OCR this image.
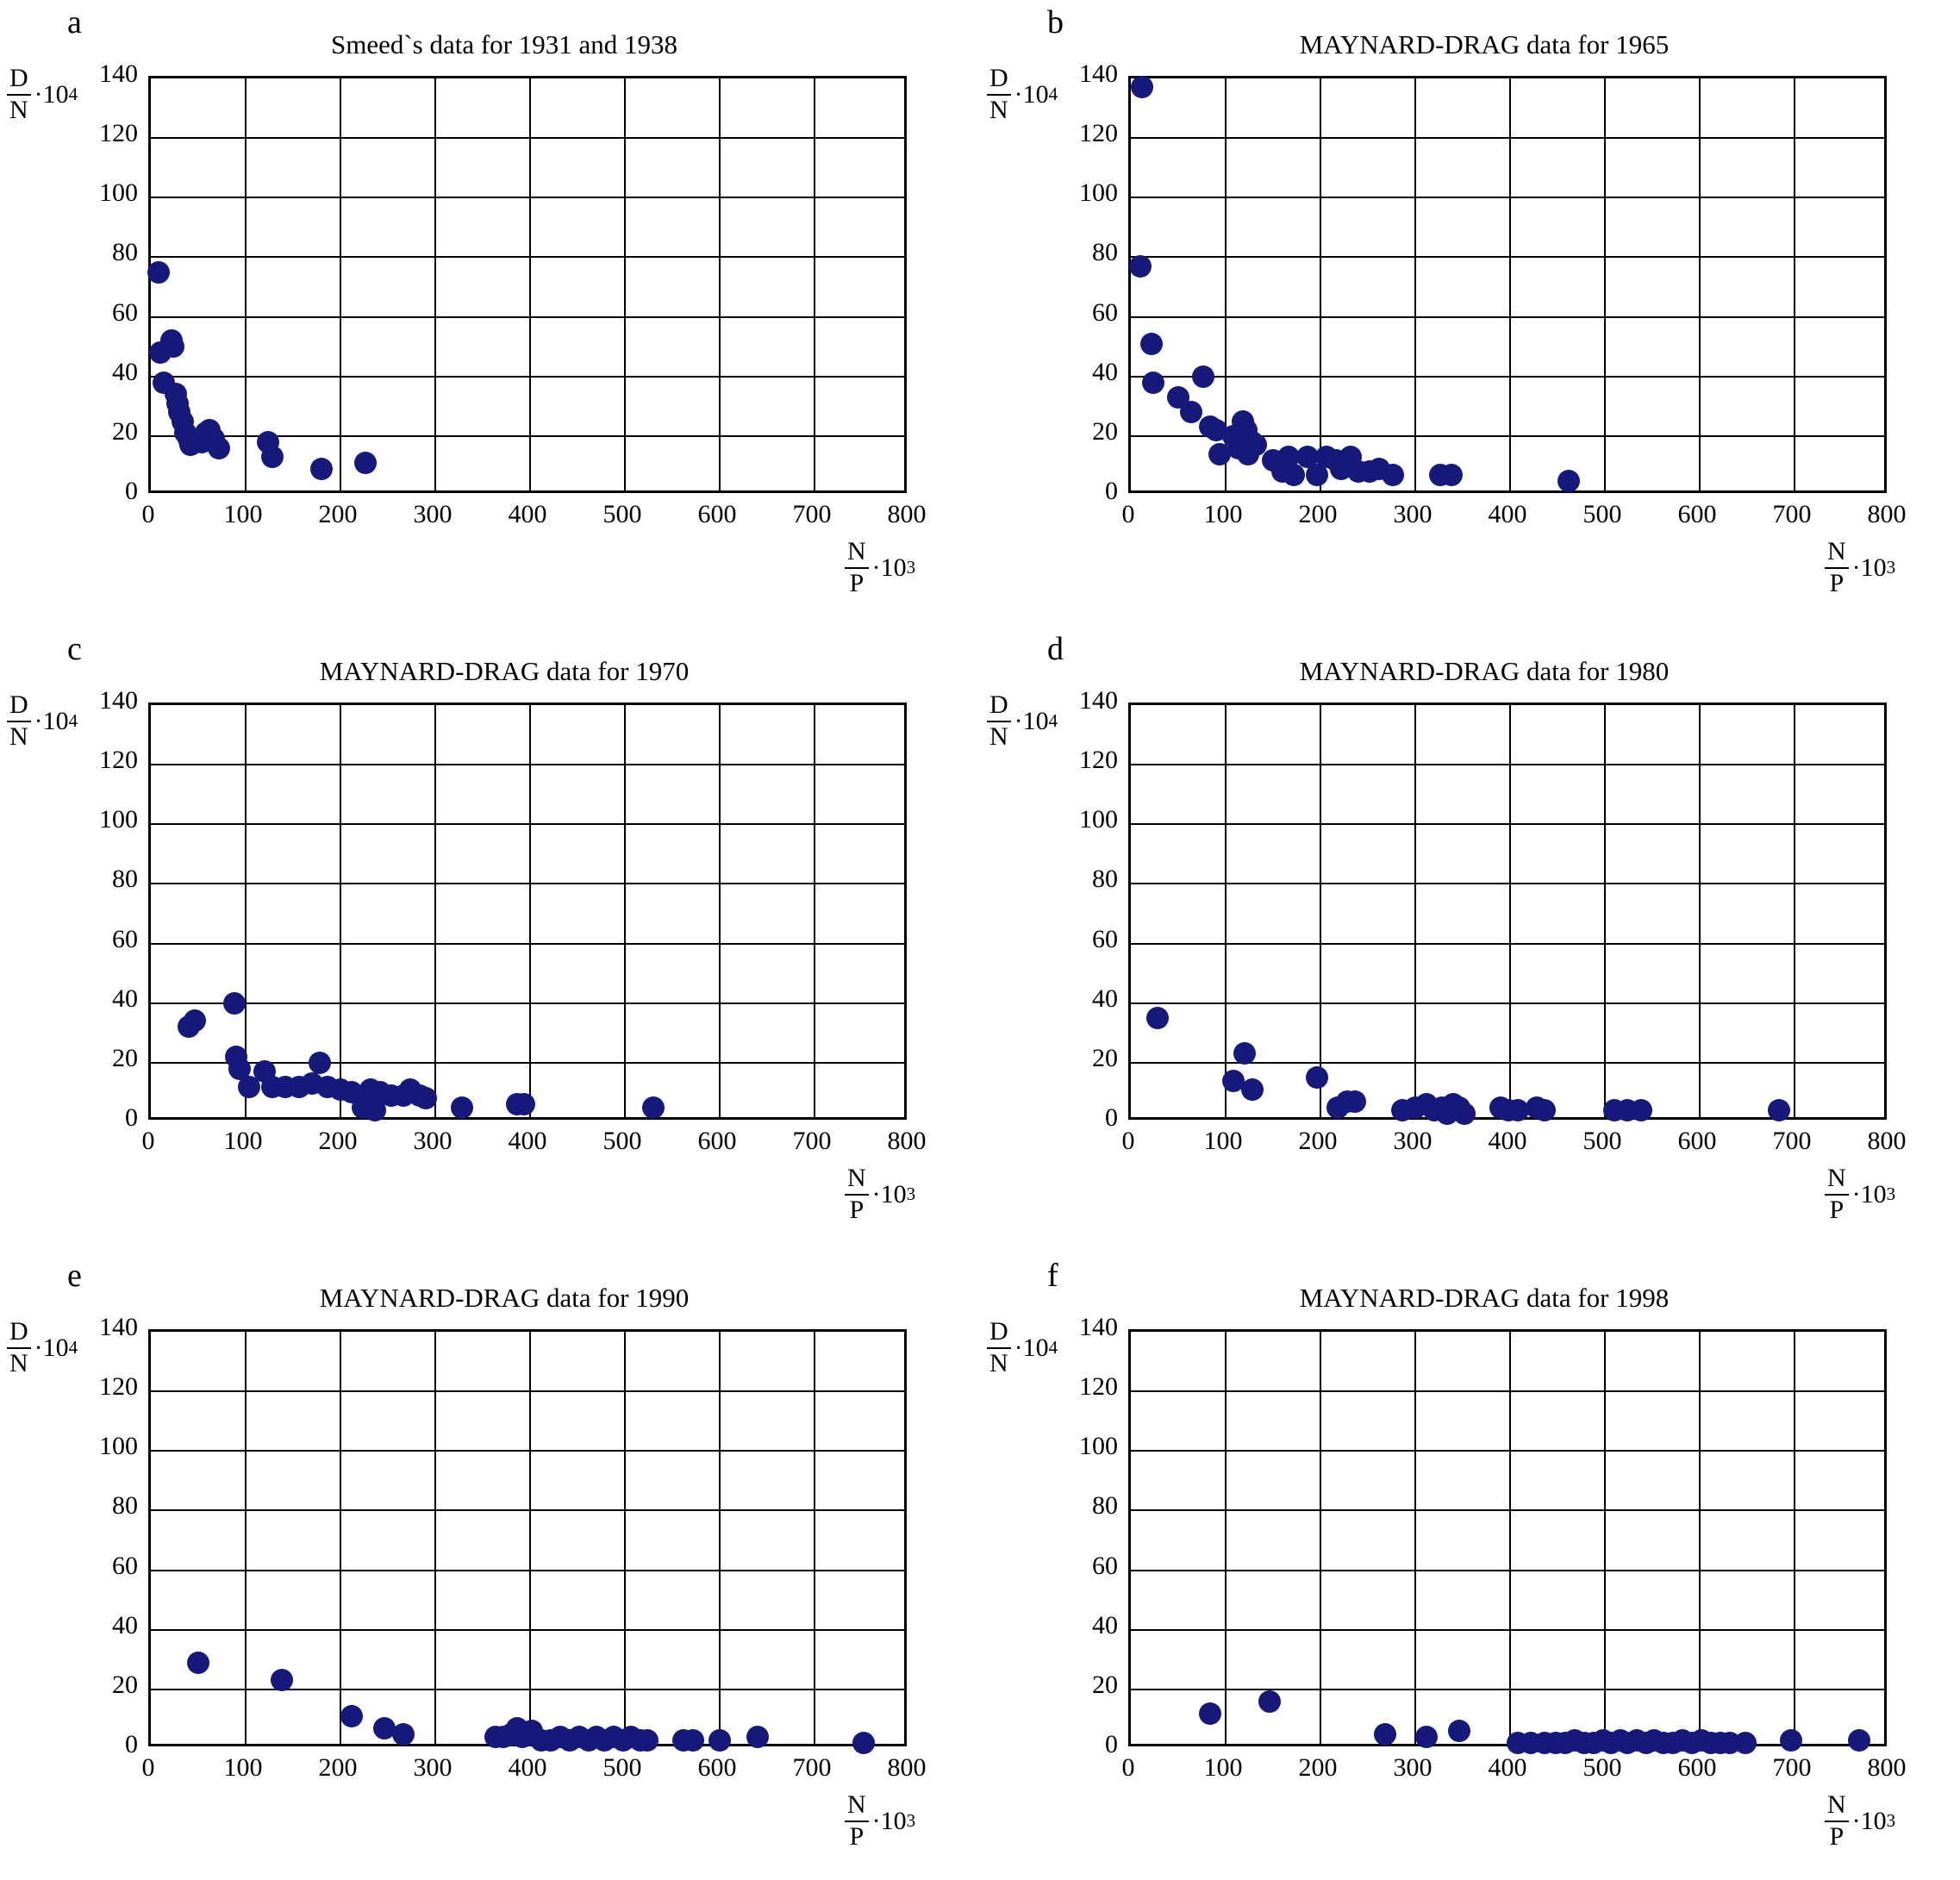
a
Smeed`s data for 1931 and 1938
$\frac{D}{N} \cdot 10$ 4
$\frac{N}{P} \cdot 10$ 3
0	100	200	300	400	500	600	700	800
0
20
40
60
80
100
120
140
b
MAYNARD-DRAG data for 1965
$\frac{D}{N} \cdot 10$ 4
$\frac{N}{P} \cdot 10$ 3
0	100	200	300	400	500	600	700	800
0
20
40
60
80
100
120
140
c
MAYNARD-DRAG data for 1970
$\frac{D}{N} \cdot 10$ 4
$\frac{N}{P} \cdot 10$ 3
0	100	200	300	400	500	600	700	800
0
20
40
60
80
100
120
140
d
MAYNARD-DRAG data for 1980
$\frac{D}{N} \cdot 10$ 4
$\frac{N}{P} \cdot 10$ 3
0	100	200	300	400	500	600	700	800
0
20
40
60
80
100
120
140
e
MAYNARD-DRAG data for 1990
$\frac{D}{N} \cdot 10$ 4
$\frac{N}{P} \cdot 10$ 3
0	100	200	300	400	500	600	700	800
0
20
40
60
80
100
120
140
f
MAYNARD-DRAG data for 1998
$\frac{D}{N} \cdot 10$ 4
$\frac{N}{P} \cdot 10$ 3
0	100	200	300	400	500	600	700	800
0
20
40
60
80
100
120
140
